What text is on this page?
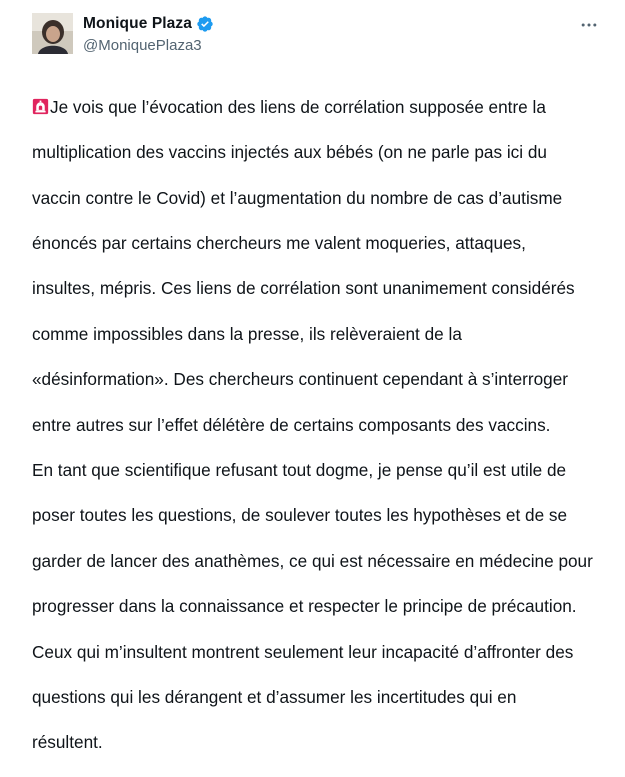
Monique Plaza
@MoniquePlaza3

Je vois que l’évocation des liens de corrélation supposée entre la

multiplication des vaccins injectés aux bébés (on ne parle pas ici du

vaccin contre le Covid) et l’augmentation du nombre de cas d’autisme

énoncés par certains chercheurs me valent moqueries, attaques,

insultes, mépris. Ces liens de corrélation sont unanimement considérés

comme impossibles dans la presse, ils relèveraient de la

«désinformation». Des chercheurs continuent cependant à s’interroger

entre autres sur l’effet délétère de certains composants des vaccins.

En tant que scientifique refusant tout dogme, je pense qu’il est utile de

poser toutes les questions, de soulever toutes les hypothèses et de se

garder de lancer des anathèmes, ce qui est nécessaire en médecine pour

progresser dans la connaissance et respecter le principe de précaution.

Ceux qui m’insultent montrent seulement leur incapacité d’affronter des

questions qui les dérangent et d’assumer les incertitudes qui en

résultent.
